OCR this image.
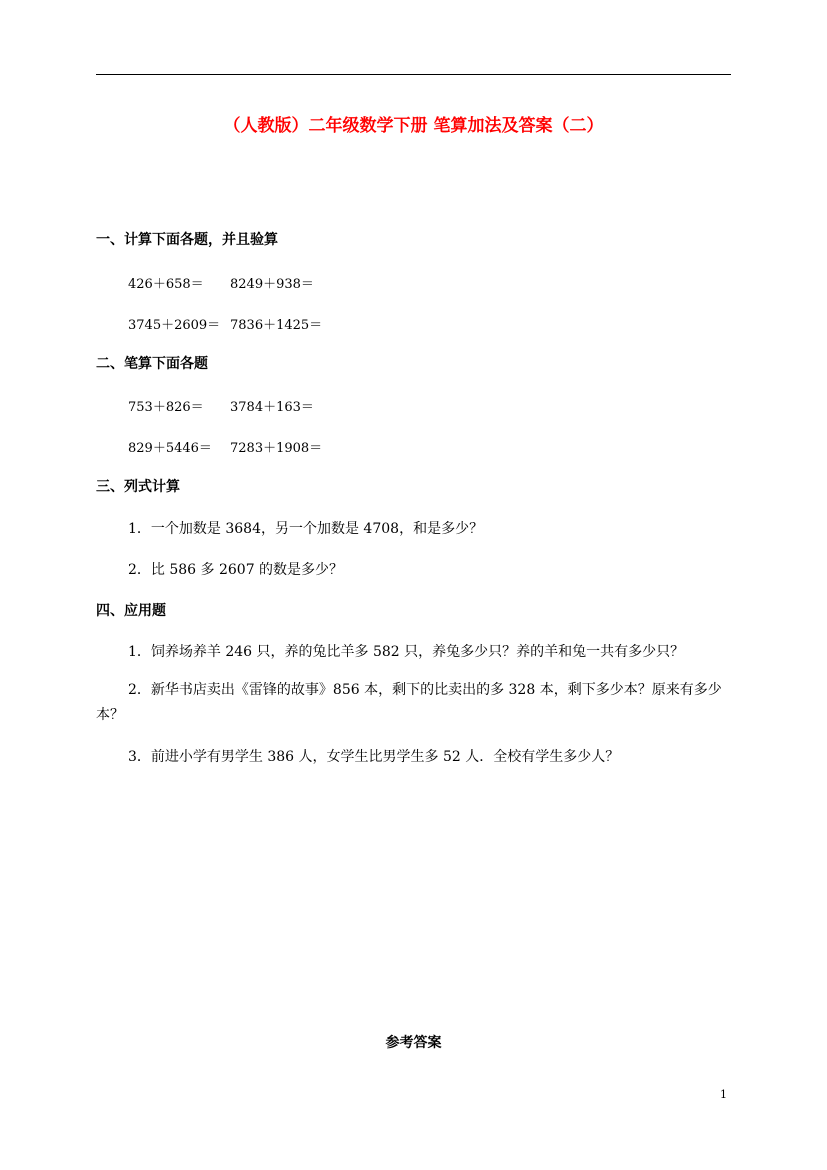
（人教版）二年级数学下册 笔算加法及答案（二）
一、计算下面各题，并且验算
426＋658＝ 8249＋938＝
3745＋2609＝ 7836＋1425＝
二、笔算下面各题
753＋826＝ 3784＋163＝
829＋5446＝ 7283＋1908＝
三、列式计算
1．一个加数是 3684，另一个加数是 4708，和是多少？
2．比 586 多 2607 的数是多少？
四、应用题
1．饲养场养羊 246 只，养的兔比羊多 582 只，养兔多少只？养的羊和兔一共有多少只？
2．新华书店卖出《雷锋的故事》856 本，剩下的比卖出的多 328 本，剩下多少本？原来有多少本？
3．前进小学有男学生 386 人，女学生比男学生多 52 人．全校有学生多少人？
参考答案
1
